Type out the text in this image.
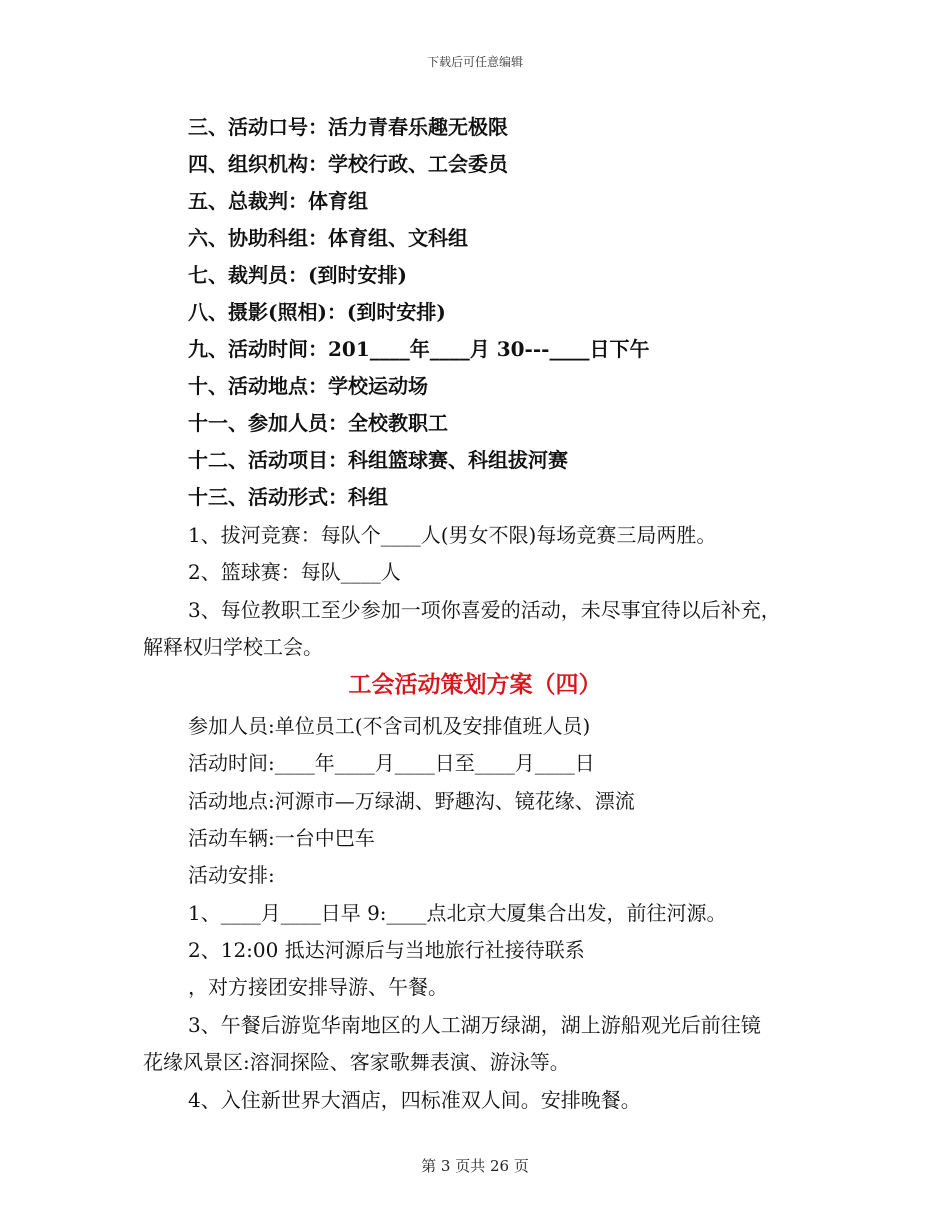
下载后可任意编辑
三、活动口号：活力青春乐趣无极限
四、组织机构：学校行政、工会委员
五、总裁判：体育组
六、协助科组：体育组、文科组
七、裁判员：(到时安排)
八、摄影(照相)：(到时安排)
九、活动时间：201____年____月 30---____日下午
十、活动地点：学校运动场
十一、参加人员：全校教职工
十二、活动项目：科组篮球赛、科组拔河赛
十三、活动形式：科组
1、拔河竞赛：每队个____人(男女不限)每场竞赛三局两胜。
2、篮球赛：每队____人
3、每位教职工至少参加一项你喜爱的活动，未尽事宜待以后补充，
解释权归学校工会。
工会活动策划方案（四）
参加人员:单位员工(不含司机及安排值班人员)
活动时间:____年____月____日至____月____日
活动地点:河源市—万绿湖、野趣沟、镜花缘、漂流
活动车辆:一台中巴车
活动安排:
1、____月____日早 9:____点北京大厦集合出发，前往河源。
2、12:00 抵达河源后与当地旅行社接待联系
，对方接团安排导游、午餐。
3、午餐后游览华南地区的人工湖万绿湖，湖上游船观光后前往镜
花缘风景区:溶洞探险、客家歌舞表演、游泳等。
4、入住新世界大酒店，四标准双人间。安排晚餐。
第 3 页共 26 页
